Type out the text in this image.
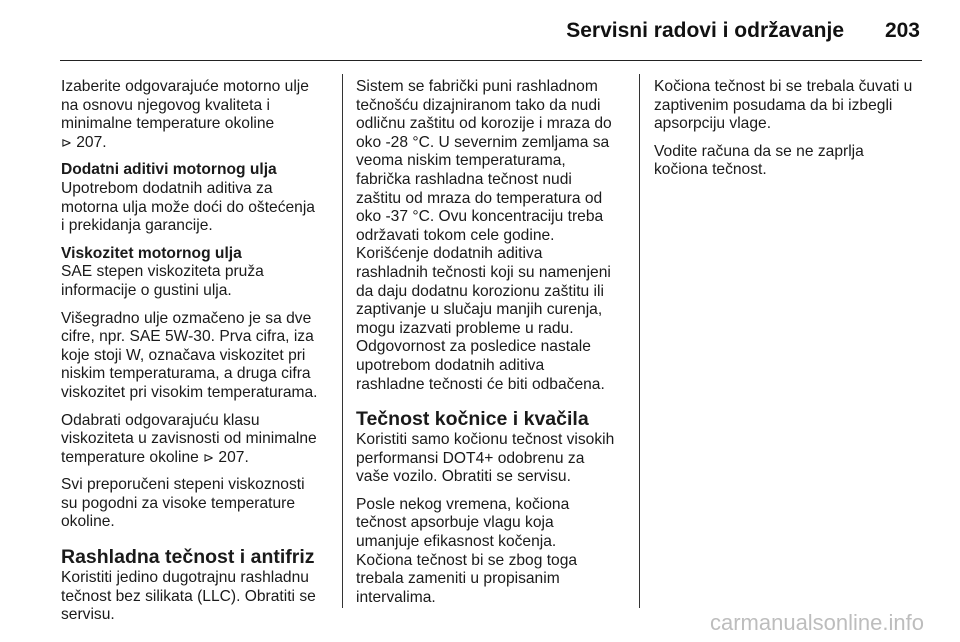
Servisni radovi i održavanje 203

Izaberite odgovarajuće motorno ulje
na osnovu njegovog kvaliteta i
minimalne temperature okoline
⊳ 207.

Dodatni aditivi motornog ulja

Upotrebom dodatnih aditiva za
motorna ulja može doći do oštećenja
i prekidanja garancije.

Viskozitet motornog ulja

SAE stepen viskoziteta pruža
informacije o gustini ulja.

Višegradno ulje ozmačeno je sa dve
cifre, npr. SAE 5W-30. Prva cifra, iza
koje stoji W, označava viskozitet pri
niskim temperaturama, a druga cifra
viskozitet pri visokim temperaturama.

Odabrati odgovarajuću klasu
viskoziteta u zavisnosti od minimalne
temperature okoline ⊳ 207.

Svi preporučeni stepeni viskoznosti
su pogodni za visoke temperature
okoline.

Rashladna tečnost i antifriz

Koristiti jedino dugotrajnu rashladnu
tečnost bez silikata (LLC). Obratiti se
servisu.

Sistem se fabrički puni rashladnom
tečnošću dizajniranom tako da nudi
odličnu zaštitu od korozije i mraza do
oko -28 °C. U severnim zemljama sa
veoma niskim temperaturama,
fabrička rashladna tečnost nudi
zaštitu od mraza do temperatura od
oko -37 °C. Ovu koncentraciju treba
održavati tokom cele godine.
Korišćenje dodatnih aditiva
rashladnih tečnosti koji su namenjeni
da daju dodatnu korozionu zaštitu ili
zaptivanje u slučaju manjih curenja,
mogu izazvati probleme u radu.
Odgovornost za posledice nastale
upotrebom dodatnih aditiva
rashladne tečnosti će biti odbačena.

Tečnost kočnice i kvačila

Koristiti samo kočionu tečnost visokih
performansi DOT4+ odobrenu za
vaše vozilo. Obratiti se servisu.

Posle nekog vremena, kočiona
tečnost apsorbuje vlagu koja
umanjuje efikasnost kočenja.
Kočiona tečnost bi se zbog toga
trebala zameniti u propisanim
intervalima.

Kočiona tečnost bi se trebala čuvati u
zaptivenim posudama da bi izbegli
apsorpciju vlage.

Vodite računa da se ne zaprlja
kočiona tečnost.

carmanualsonline.info
